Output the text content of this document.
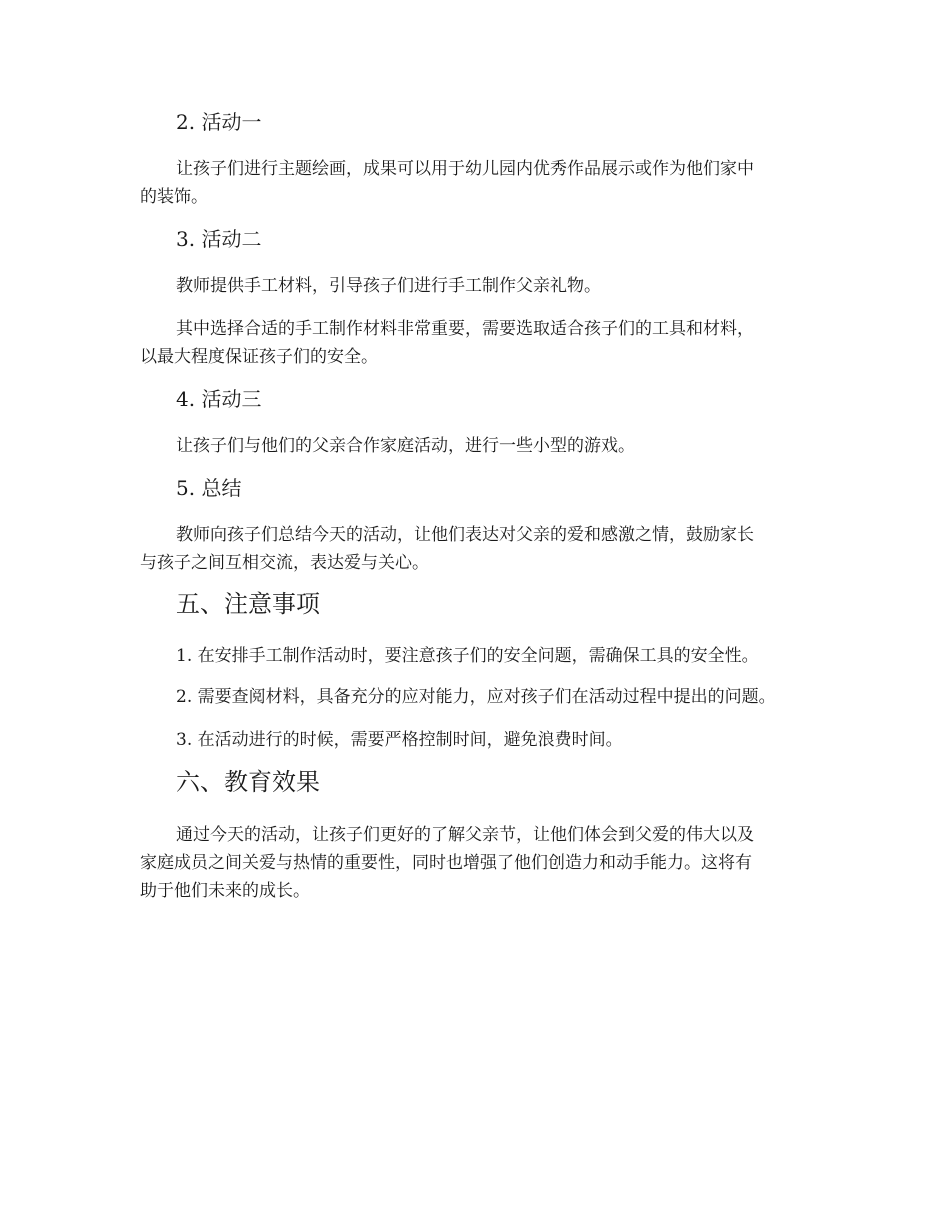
2. 活动一
让孩子们进行主题绘画，成果可以用于幼儿园内优秀作品展示或作为他们家中
的装饰。
3. 活动二
教师提供手工材料，引导孩子们进行手工制作父亲礼物。
其中选择合适的手工制作材料非常重要，需要选取适合孩子们的工具和材料，
以最大程度保证孩子们的安全。
4. 活动三
让孩子们与他们的父亲合作家庭活动，进行一些小型的游戏。
5. 总结
教师向孩子们总结今天的活动，让他们表达对父亲的爱和感激之情，鼓励家长
与孩子之间互相交流，表达爱与关心。
五、注意事项
1. 在安排手工制作活动时，要注意孩子们的安全问题，需确保工具的安全性。
2. 需要查阅材料，具备充分的应对能力，应对孩子们在活动过程中提出的问题。
3. 在活动进行的时候，需要严格控制时间，避免浪费时间。
六、教育效果
通过今天的活动，让孩子们更好的了解父亲节，让他们体会到父爱的伟大以及
家庭成员之间关爱与热情的重要性，同时也增强了他们创造力和动手能力。这将有
助于他们未来的成长。
